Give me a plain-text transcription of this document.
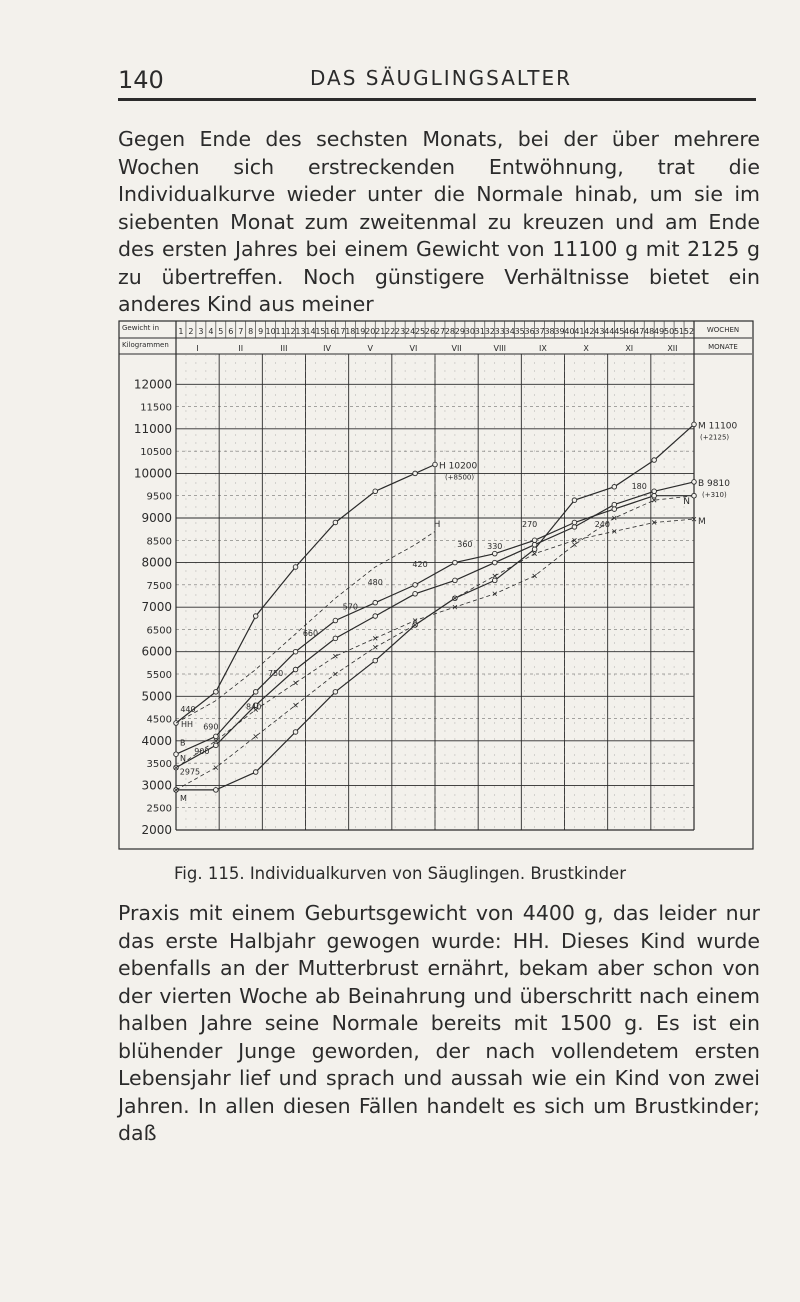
140	DAS SÄUGLINGSALTER

Gegen Ende des sechsten Monats, bei der über mehrere Wochen sich erstreckenden Entwöhnung, trat die Individualkurve wieder unter die Normale hinab, um sie im siebenten Monat zum zweitenmal zu kreuzen und am Ende des ersten Jahres bei einem Gewicht von 11100 g mit 2125 g zu übertreffen. Noch günstigere Verhältnisse bietet ein anderes Kind aus meiner

Gewicht in
Kilogrammen
WOCHEN
MONATE
1 2 3 4 5 6 7 8 9 10 11 12 13 14 15 16 17 18 19 20 21 22 23 24 25 26 27 28 29 30 31 32 33 34 35 36 37 38 39 40 41 42 43 44 45 46 47 48 49 50 51 52
I	II	III	IV	V	VI	VII	VIII	IX	X	XI	XII
2000
2500
3000
3500
4000
4500
5000
5500
6000
6500
7000
7500
8000
8500
9000
9500
10000
10500
11000
11500
12000
440
690
900
840
750
660
570
480
420
360 330
270	240
180
2975
M 11100
(+2125)
B 9810
(+310)
N
M
H 10200
(+8500)
H
HH
M
B
N
Fig. 115. Individualkurven von Säuglingen. Brustkinder

Praxis mit einem Geburtsgewicht von 4400 g, das leider nur das erste Halbjahr gewogen wurde: HH. Dieses Kind wurde ebenfalls an der Mutterbrust ernährt, bekam aber schon von der vierten Woche ab Beinahrung und überschritt nach einem halben Jahre seine Normale bereits mit 1500 g. Es ist ein blühender Junge geworden, der nach vollendetem ersten Lebensjahr lief und sprach und aussah wie ein Kind von zwei Jahren. In allen diesen Fällen handelt es sich um Brustkinder; daß
